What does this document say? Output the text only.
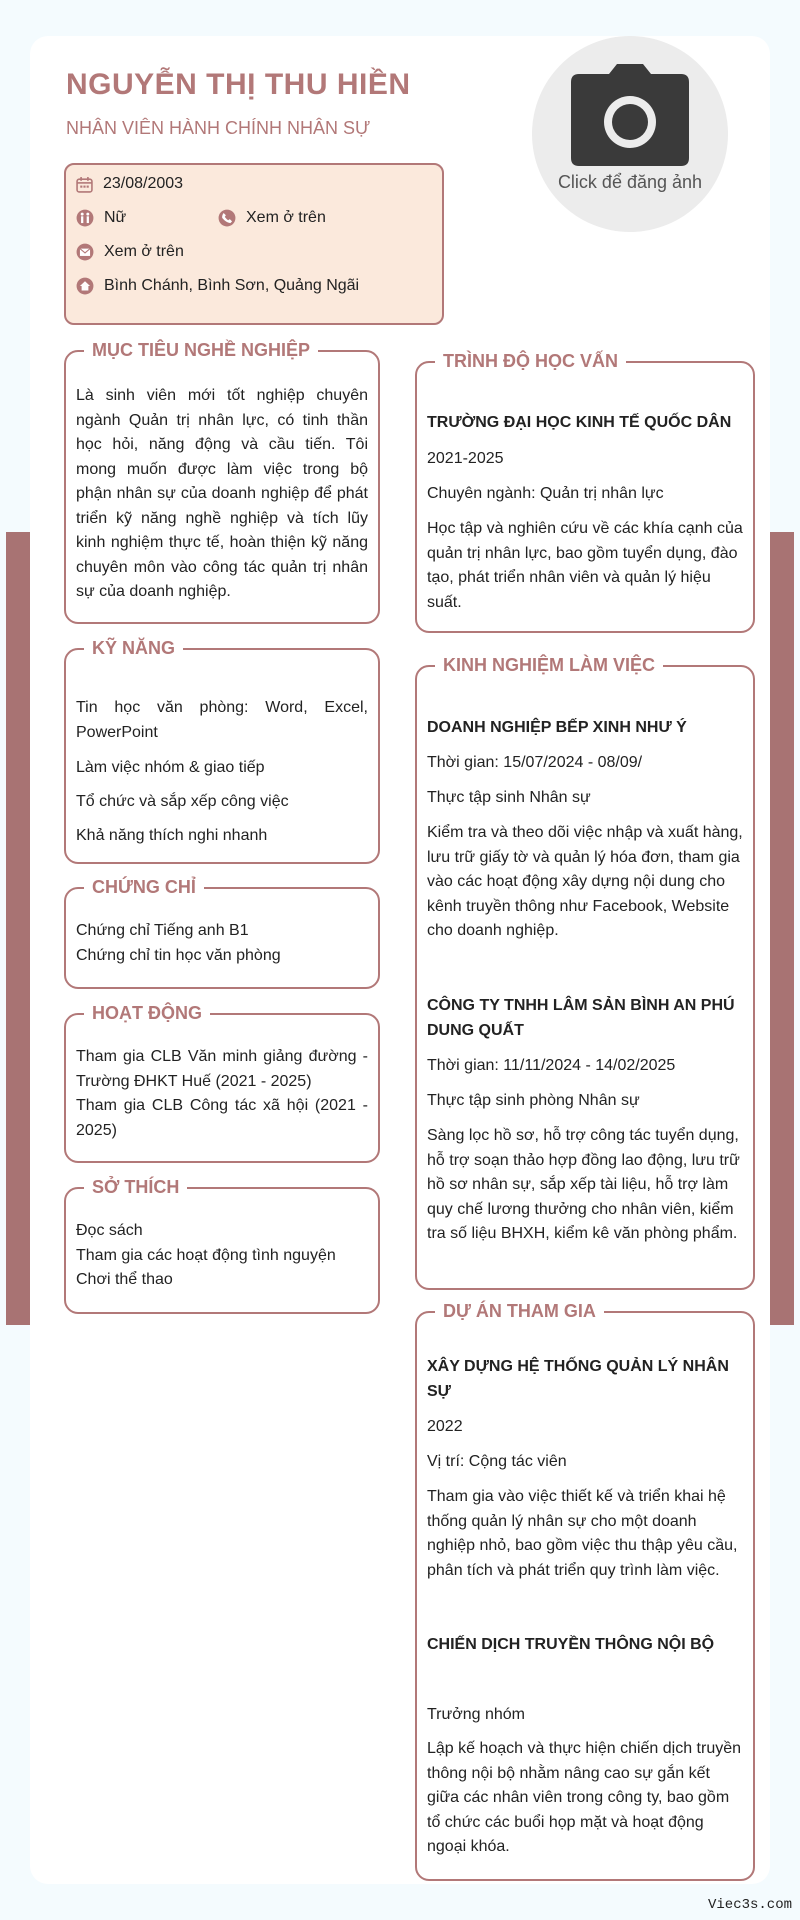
NGUYỄN THỊ THU HIỀN
NHÂN VIÊN HÀNH CHÍNH NHÂN SỰ
Click để đăng ảnh
23/08/2003
Nữ	Xem ở trên
Xem ở trên
Bình Chánh, Bình Sơn, Quảng Ngãi
MỤC TIÊU NGHỀ NGHIỆP
Là sinh viên mới tốt nghiệp chuyên ngành Quản trị nhân lực, có tinh thần học hỏi, năng động và cầu tiến. Tôi mong muốn được làm việc trong bộ phận nhân sự của doanh nghiệp để phát triển kỹ năng nghề nghiệp và tích lũy kinh nghiệm thực tế, hoàn thiện kỹ năng chuyên môn vào công tác quản trị nhân sự của doanh nghiệp.
KỸ NĂNG
Tin học văn phòng: Word, Excel, PowerPoint
Làm việc nhóm & giao tiếp
Tổ chức và sắp xếp công việc
Khả năng thích nghi nhanh
CHỨNG CHỈ
Chứng chỉ Tiếng anh B1
Chứng chỉ tin học văn phòng
HOẠT ĐỘNG
Tham gia CLB Văn minh giảng đường - Trường ĐHKT Huế (2021 - 2025)
Tham gia CLB Công tác xã hội (2021 - 2025)
SỞ THÍCH
Đọc sách
Tham gia các hoạt động tình nguyện
Chơi thể thao
TRÌNH ĐỘ HỌC VẤN
TRƯỜNG ĐẠI HỌC KINH TẾ QUỐC DÂN
2021-2025
Chuyên ngành: Quản trị nhân lực
Học tập và nghiên cứu về các khía cạnh của quản trị nhân lực, bao gồm tuyển dụng, đào tạo, phát triển nhân viên và quản lý hiệu suất.
KINH NGHIỆM LÀM VIỆC
DOANH NGHIỆP BẾP XINH NHƯ Ý
Thời gian: 15/07/2024 - 08/09/
Thực tập sinh Nhân sự
Kiểm tra và theo dõi việc nhập và xuất hàng, lưu trữ giấy tờ và quản lý hóa đơn, tham gia vào các hoạt động xây dựng nội dung cho kênh truyền thông như Facebook, Website cho doanh nghiệp.
CÔNG TY TNHH LÂM SẢN BÌNH AN PHÚ DUNG QUẤT
Thời gian: 11/11/2024 - 14/02/2025
Thực tập sinh phòng Nhân sự
Sàng lọc hồ sơ, hỗ trợ công tác tuyển dụng, hỗ trợ soạn thảo hợp đồng lao động, lưu trữ hồ sơ nhân sự, sắp xếp tài liệu, hỗ trợ làm quy chế lương thưởng cho nhân viên, kiểm tra số liệu BHXH, kiểm kê văn phòng phẩm.
DỰ ÁN THAM GIA
XÂY DỰNG HỆ THỐNG QUẢN LÝ NHÂN SỰ
2022
Vị trí: Cộng tác viên
Tham gia vào việc thiết kế và triển khai hệ thống quản lý nhân sự cho một doanh nghiệp nhỏ, bao gồm việc thu thập yêu cầu, phân tích và phát triển quy trình làm việc.
CHIẾN DỊCH TRUYỀN THÔNG NỘI BỘ
Trưởng nhóm
Lập kế hoạch và thực hiện chiến dịch truyền thông nội bộ nhằm nâng cao sự gắn kết giữa các nhân viên trong công ty, bao gồm tổ chức các buổi họp mặt và hoạt động ngoại khóa.
Viec3s.com
